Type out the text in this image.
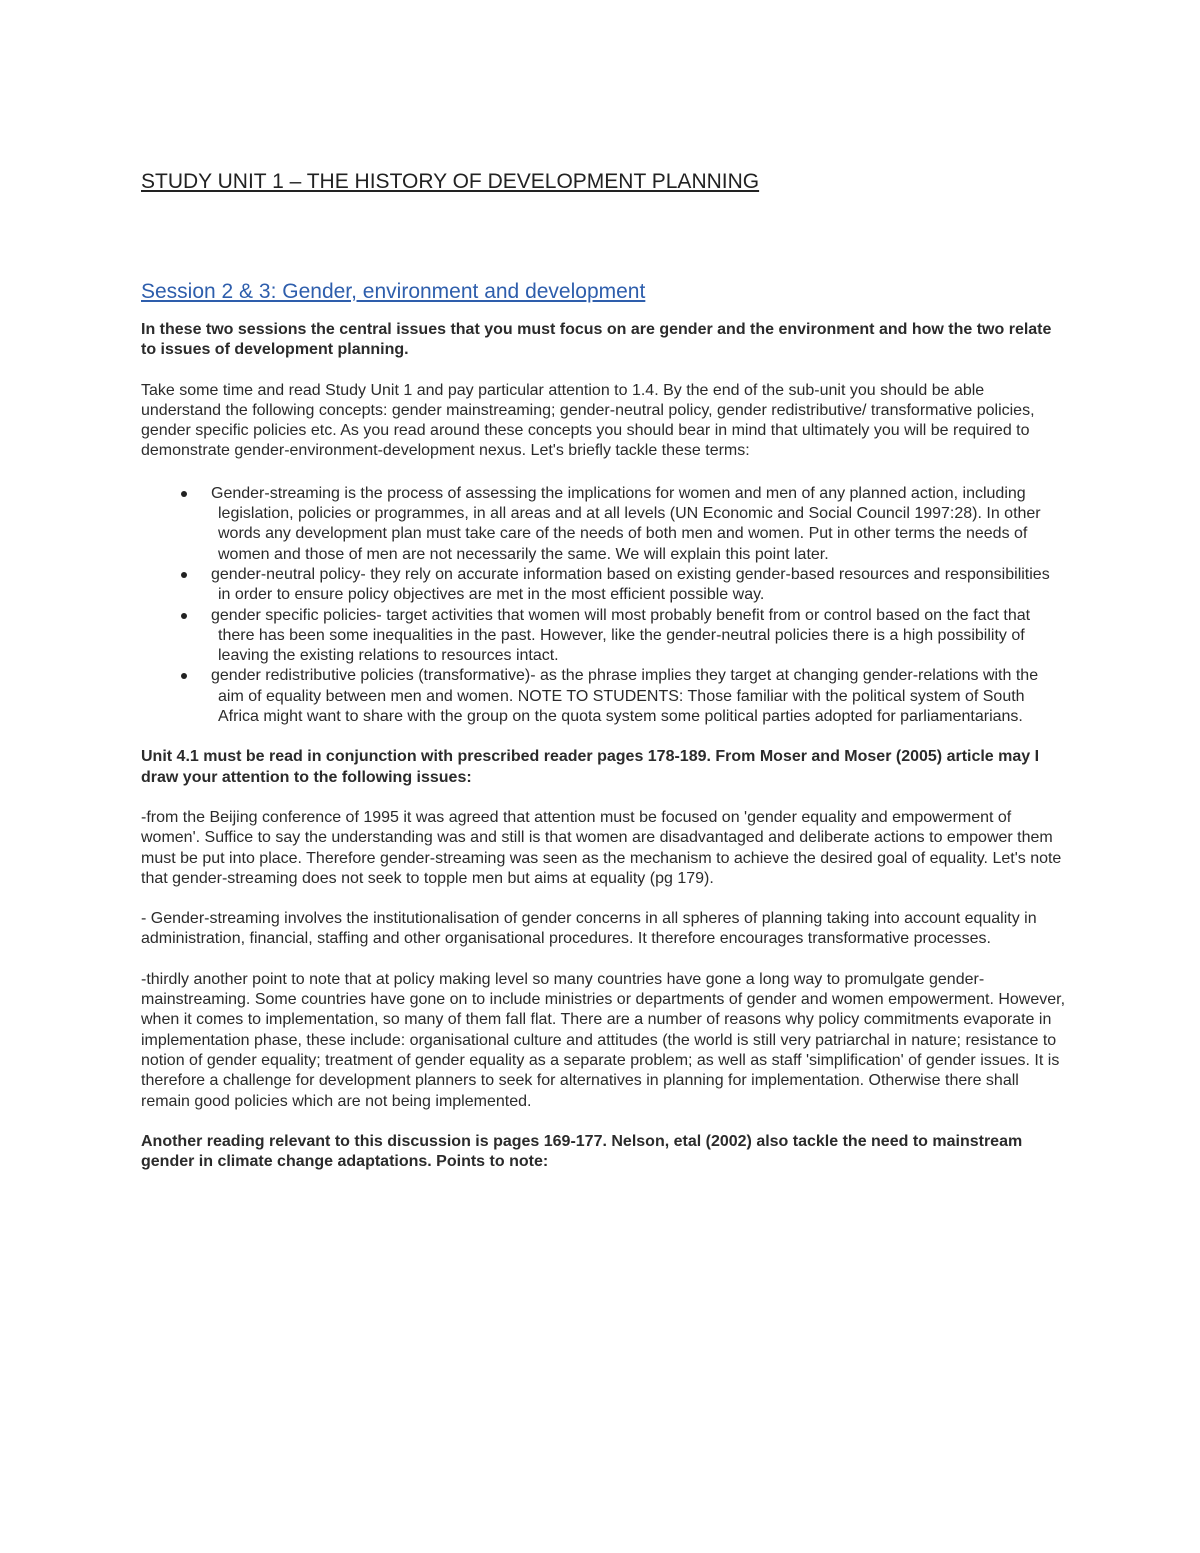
STUDY UNIT 1 – THE HISTORY OF DEVELOPMENT PLANNING
Session 2 & 3: Gender, environment and development

In these two sessions the central issues that you must focus on are gender and the environment and how the two relate to issues of development planning.

Take some time and read Study Unit 1 and pay particular attention to 1.4. By the end of the sub-unit you should be able understand the following concepts: gender mainstreaming; gender-neutral policy, gender redistributive/ transformative policies, gender specific policies etc. As you read around these concepts you should bear in mind that ultimately you will be required to demonstrate gender-environment-development nexus. Let's briefly tackle these terms:

Gender-streaming is the process of assessing the implications for women and men of any planned action, including legislation, policies or programmes, in all areas and at all levels (UN Economic and Social Council 1997:28). In other words any development plan must take care of the needs of both men and women. Put in other terms the needs of women and those of men are not necessarily the same. We will explain this point later.
gender-neutral policy- they rely on accurate information based on existing gender-based resources and responsibilities in order to ensure policy objectives are met in the most efficient possible way.
gender specific policies- target activities that women will most probably benefit from or control based on the fact that there has been some inequalities in the past. However, like the gender-neutral policies there is a high possibility of leaving the existing relations to resources intact.
gender redistributive policies (transformative)- as the phrase implies they target at changing gender-relations with the aim of equality between men and women. NOTE TO STUDENTS: Those familiar with the political system of South Africa might want to share with the group on the quota system some political parties adopted for parliamentarians.

Unit 4.1 must be read in conjunction with prescribed reader pages 178-189. From Moser and Moser (2005) article may I draw your attention to the following issues:

-from the Beijing conference of 1995 it was agreed that attention must be focused on 'gender equality and empowerment of women'. Suffice to say the understanding was and still is that women are disadvantaged and deliberate actions to empower them must be put into place. Therefore gender-streaming was seen as the mechanism to achieve the desired goal of equality. Let's note that gender-streaming does not seek to topple men but aims at equality (pg 179).

- Gender-streaming involves the institutionalisation of gender concerns in all spheres of planning taking into account equality in administration, financial, staffing and other organisational procedures. It therefore encourages transformative processes.

-thirdly another point to note that at policy making level so many countries have gone a long way to promulgate gender-mainstreaming. Some countries have gone on to include ministries or departments of gender and women empowerment. However, when it comes to implementation, so many of them fall flat. There are a number of reasons why policy commitments evaporate in implementation phase, these include: organisational culture and attitudes (the world is still very patriarchal in nature; resistance to notion of gender equality; treatment of gender equality as a separate problem; as well as staff 'simplification' of gender issues. It is therefore a challenge for development planners to seek for alternatives in planning for implementation. Otherwise there shall remain good policies which are not being implemented.

Another reading relevant to this discussion is pages 169-177. Nelson, etal (2002) also tackle the need to mainstream gender in climate change adaptations. Points to note:
